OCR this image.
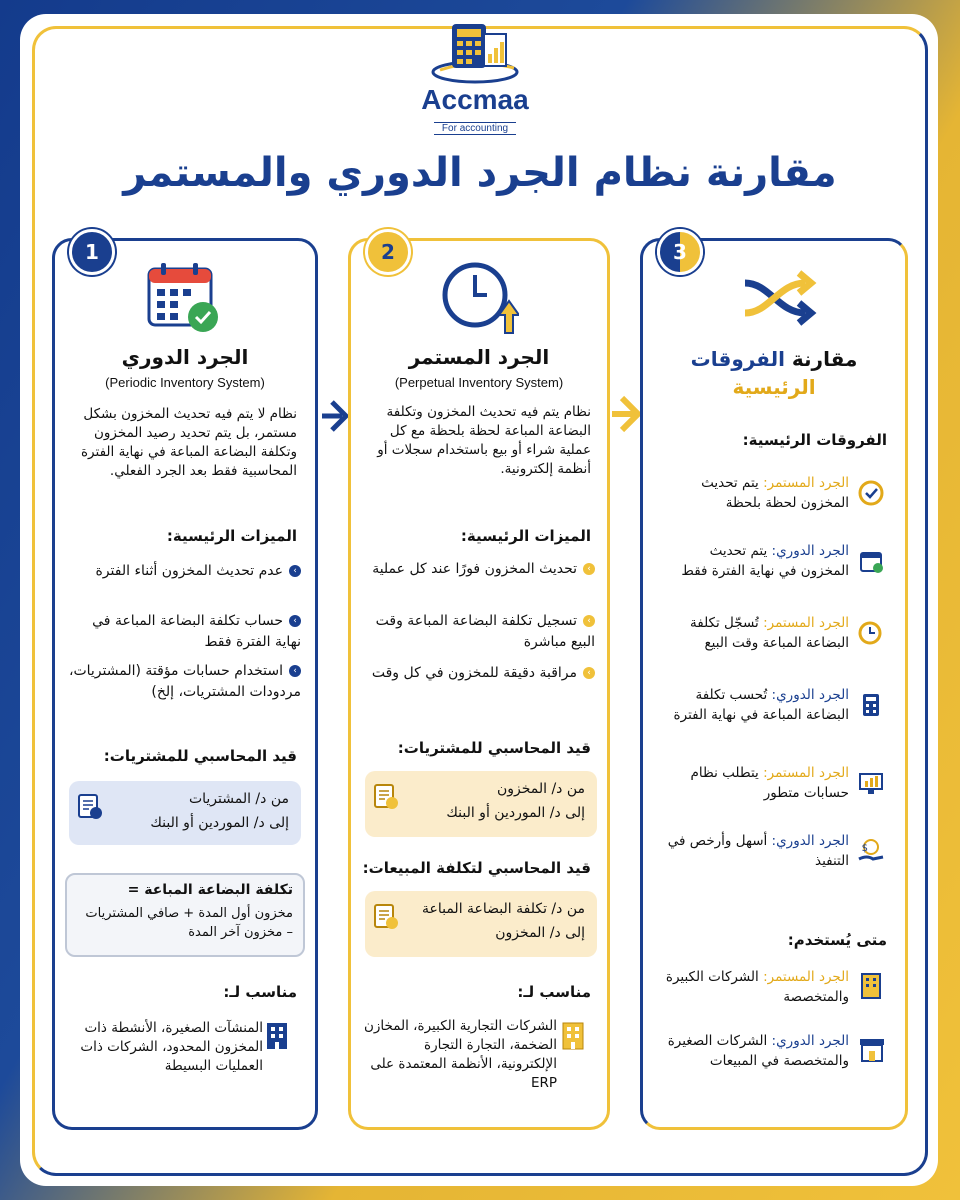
Accmaa
For accounting
مقارنة نظام الجرد الدوري والمستمر
1
الجرد الدوري
(Periodic Inventory System)
نظام لا يتم فيه تحديث المخزون بشكل مستمر، بل يتم تحديد رصيد المخزون وتكلفة البضاعة المباعة في نهاية الفترة المحاسبية فقط بعد الجرد الفعلي.
الميزات الرئيسية:
›عدم تحديث المخزون أثناء الفترة
›حساب تكلفة البضاعة المباعة في نهاية الفترة فقط
›استخدام حسابات مؤقتة (المشتريات، مردودات المشتريات، إلخ)
قيد المحاسبي للمشتريات:
من د/ المشتريات
إلى د/ الموردين أو البنك
تكلفة البضاعة المباعة =
مخزون أول المدة + صافي المشتريات – مخزون آخر المدة
مناسب لـ:
المنشآت الصغيرة، الأنشطة ذات المخزون المحدود، الشركات ذات العمليات البسيطة
2
الجرد المستمر
(Perpetual Inventory System)
نظام يتم فيه تحديث المخزون وتكلفة البضاعة المباعة لحظة بلحظة مع كل عملية شراء أو بيع باستخدام سجلات أو أنظمة إلكترونية.
الميزات الرئيسية:
›تحديث المخزون فورًا عند كل عملية
›تسجيل تكلفة البضاعة المباعة وقت البيع مباشرة
›مراقبة دقيقة للمخزون في كل وقت
قيد المحاسبي للمشتريات:
من د/ المخزون
إلى د/ الموردين أو البنك
قيد المحاسبي لتكلفة المبيعات:
من د/ تكلفة البضاعة المباعة
إلى د/ المخزون
مناسب لـ:
الشركات التجارية الكبيرة، المخازن الضخمة، التجارة التجارة الإلكترونية، الأنظمة المعتمدة على ERP
3
مقارنة الفروقات
الرئيسية
الفروقات الرئيسية:
الجرد المستمر: يتم تحديث المخزون لحظة بلحظة
الجرد الدوري: يتم تحديث المخزون في نهاية الفترة فقط
الجرد المستمر: تُسجّل تكلفة البضاعة المباعة وقت البيع
الجرد الدوري: تُحسب تكلفة البضاعة المباعة في نهاية الفترة
الجرد المستمر: يتطلب نظام حسابات متطور
الجرد الدوري: أسهل وأرخص في التنفيذ
$
متى يُستخدم:
الجرد المستمر: الشركات الكبيرة والمتخصصة
الجرد الدوري: الشركات الصغيرة والمتخصصة في المبيعات
